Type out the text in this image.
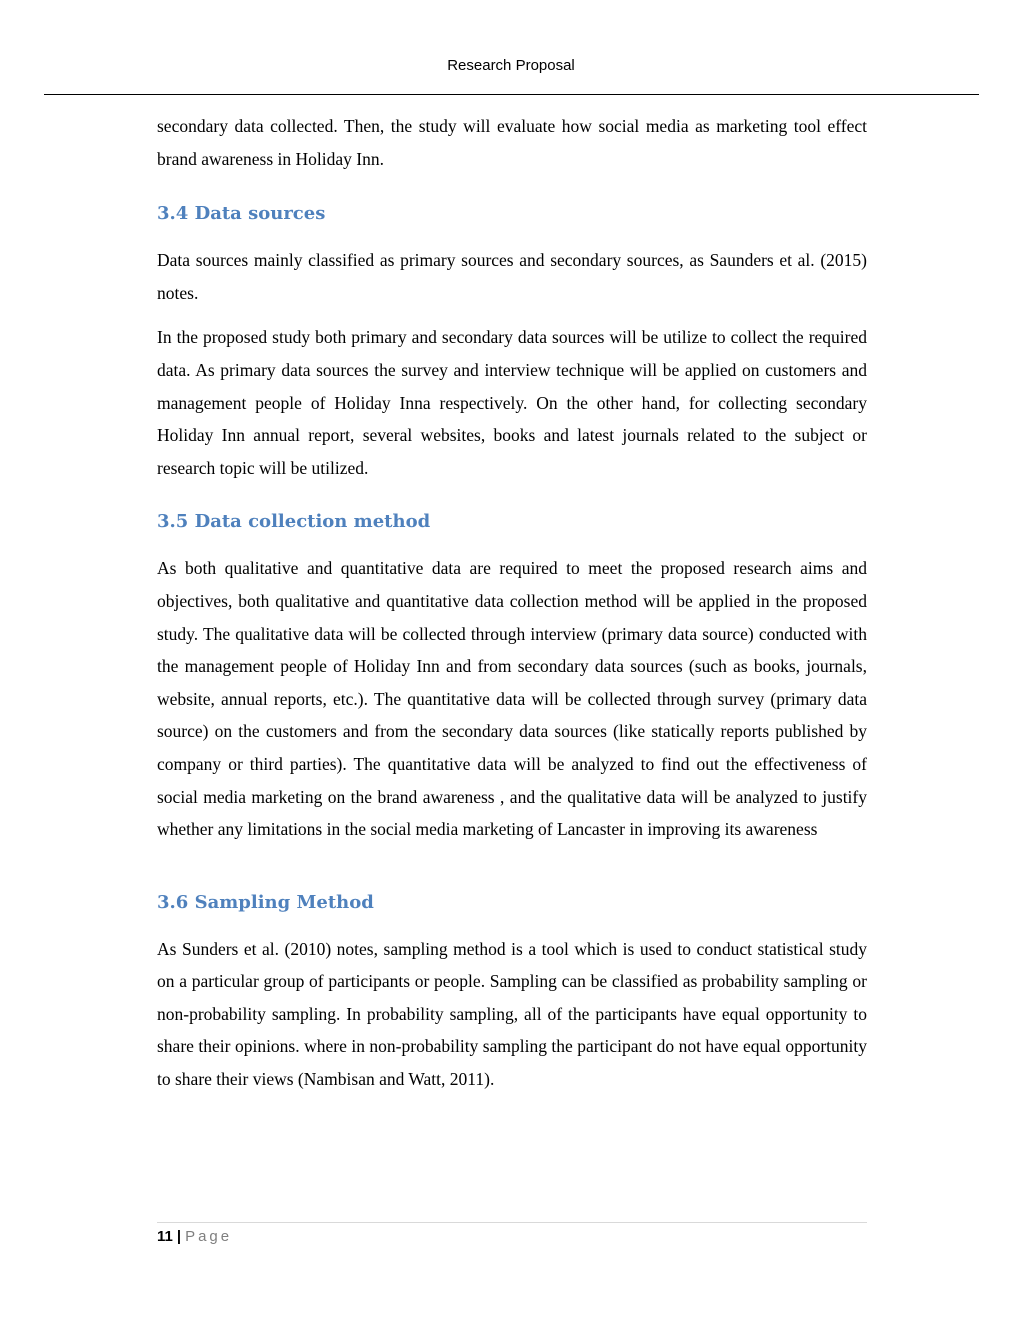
Research Proposal

secondary data collected. Then, the study will evaluate how social media as marketing tool effect brand awareness in Holiday Inn.

3.4 Data sources

Data sources mainly classified as primary sources and secondary sources, as Saunders et al. (2015) notes.

In the proposed study both primary and secondary data sources will be utilize to collect the required data. As primary data sources the survey and interview technique will be applied on customers and management people of Holiday Inna respectively. On the other hand, for collecting secondary Holiday Inn annual report, several websites, books and latest journals related to the subject or research topic will be utilized.

3.5 Data collection method

As both qualitative and quantitative data are required to meet the proposed research aims and objectives, both qualitative and quantitative data collection method will be applied in the proposed study. The qualitative data will be collected through interview (primary data source) conducted with the management people of Holiday Inn and from secondary data sources (such as books, journals, website, annual reports, etc.). The quantitative data will be collected through survey (primary data source) on the customers and from the secondary data sources (like statically reports published by company or third parties). The quantitative data will be analyzed to find out the effectiveness of social media marketing on the brand awareness , and the qualitative data will be analyzed to justify whether any limitations in the social media marketing of Lancaster in improving its awareness

3.6 Sampling Method

As Sunders et al. (2010) notes, sampling method is a tool which is used to conduct statistical study on a particular group of participants or people. Sampling can be classified as probability sampling or non-probability sampling. In probability sampling, all of the participants have equal opportunity to share their opinions. where in non-probability sampling the participant do not have equal opportunity to share their views (Nambisan and Watt, 2011).

11 | Page
